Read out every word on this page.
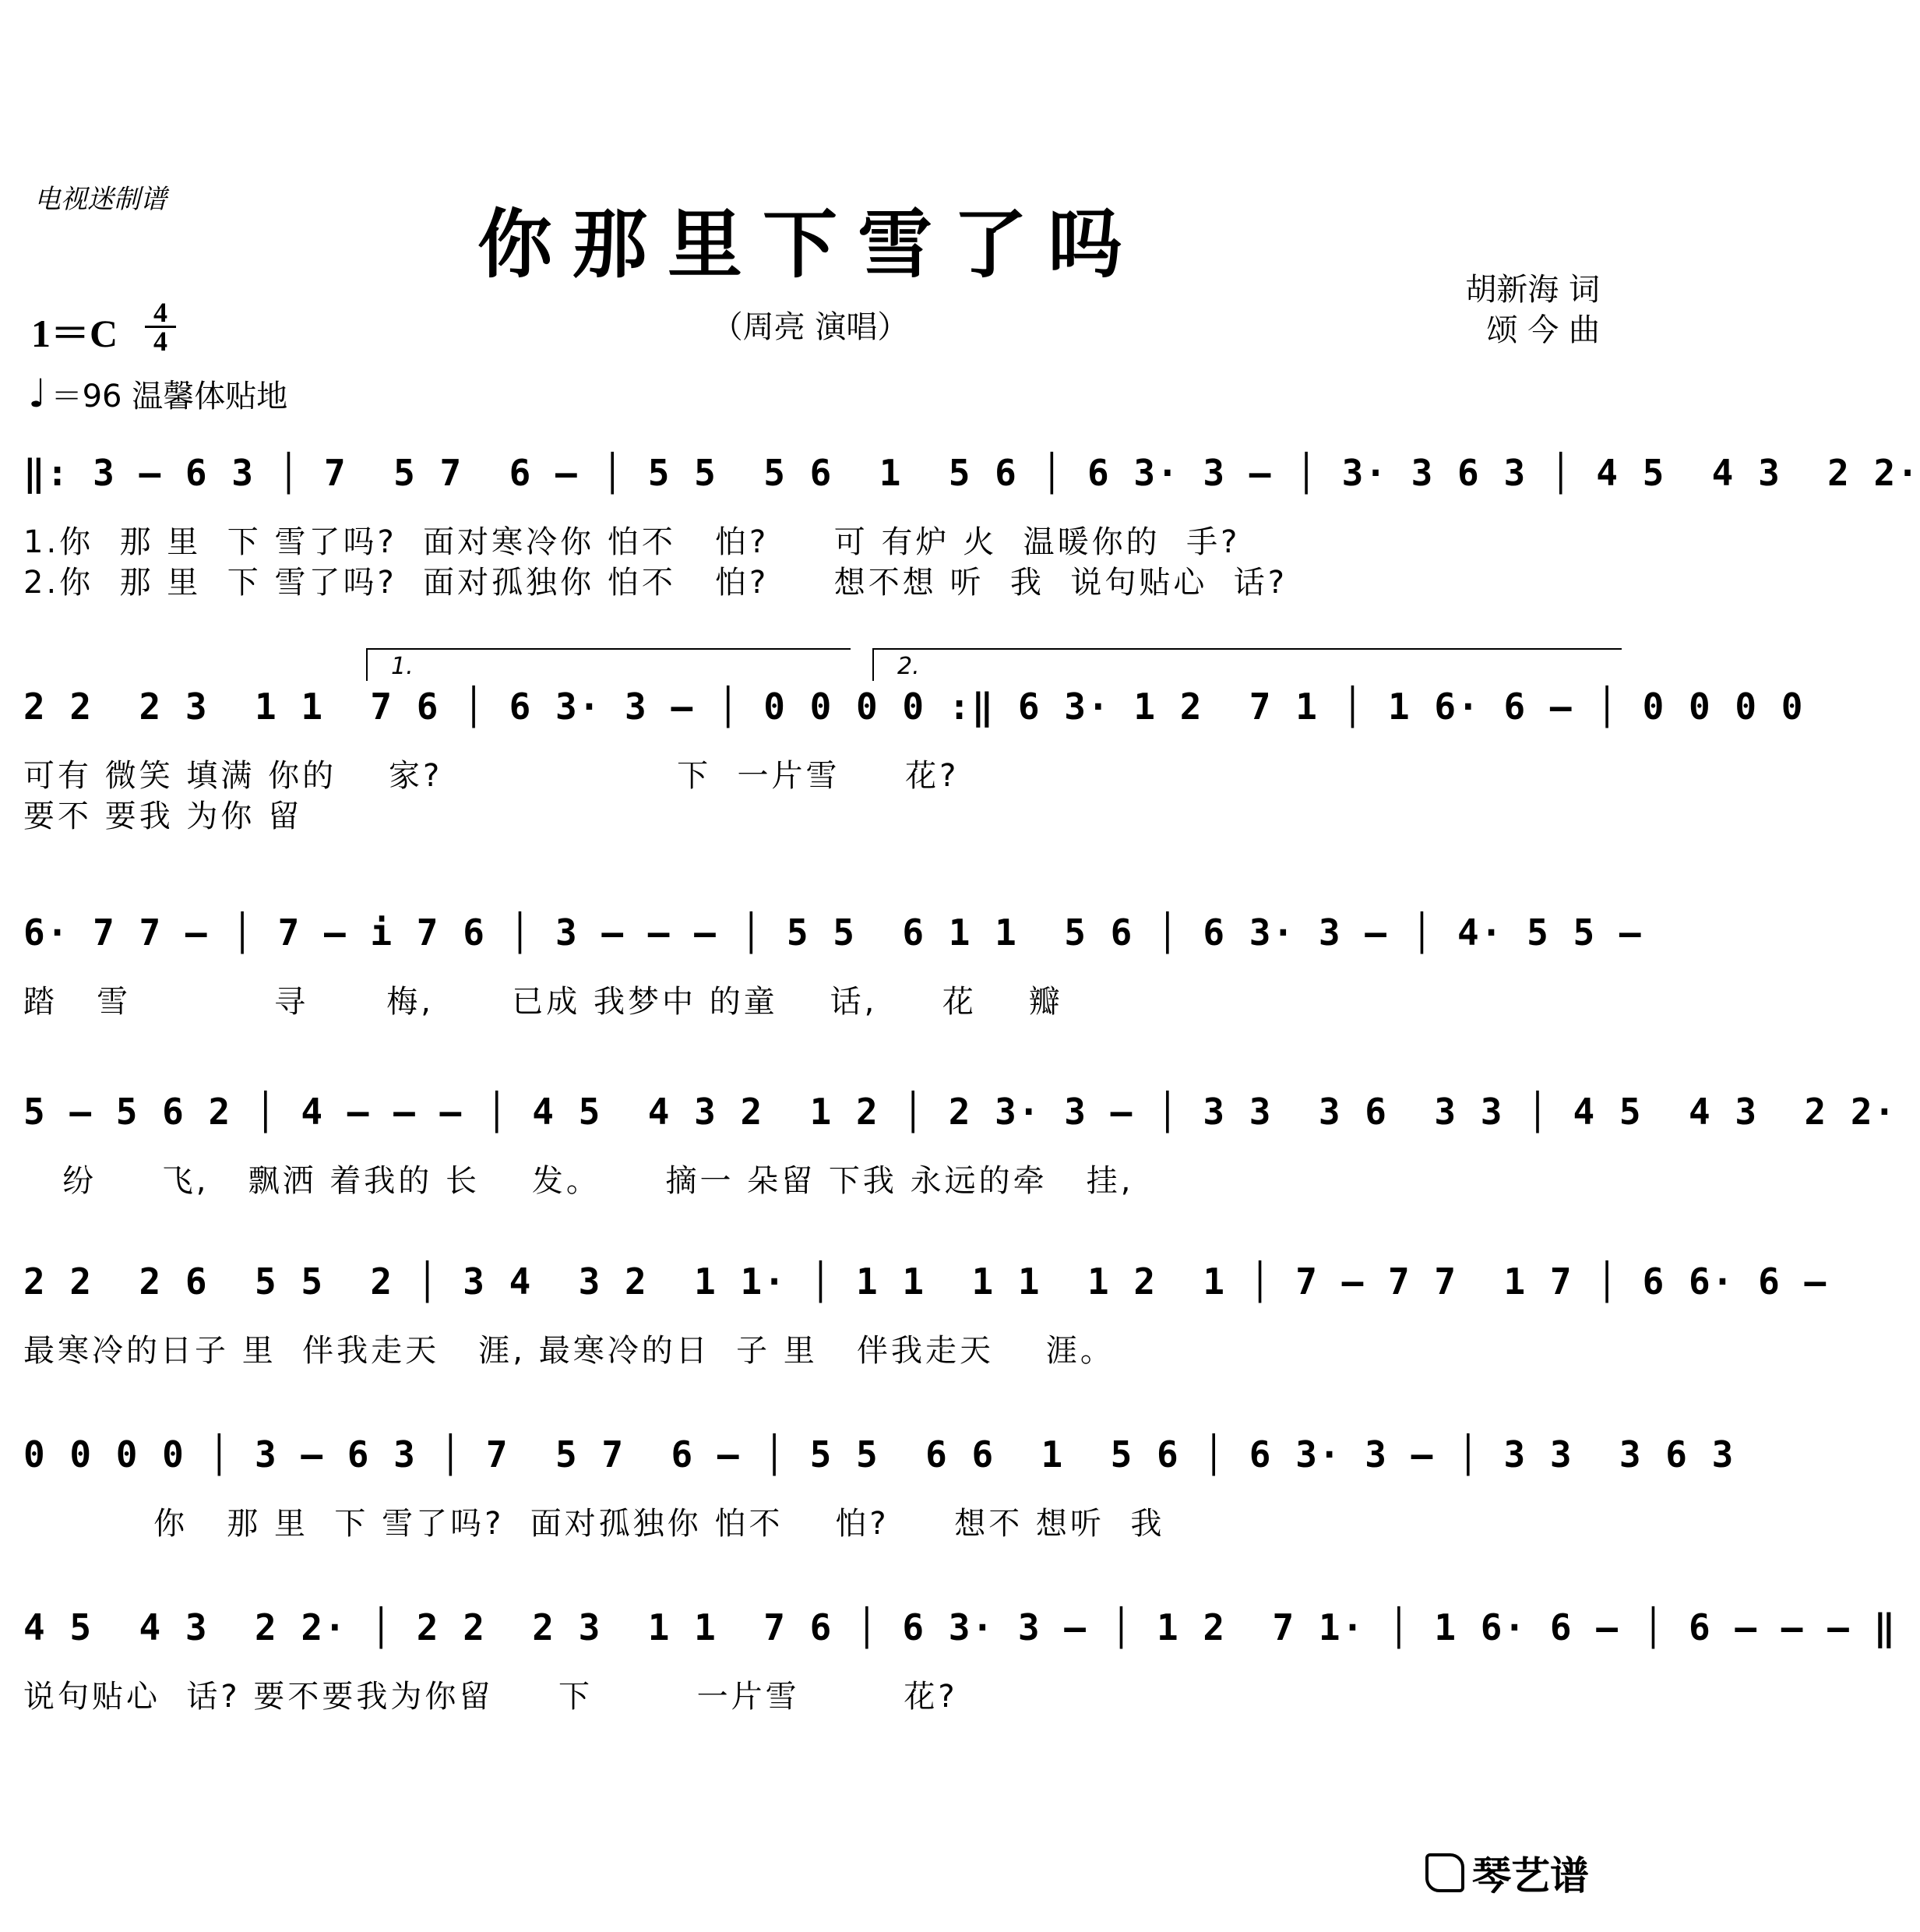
电视迷制谱
你那里下雪了吗
（周亮 演唱）
胡新海 词
颂 今 曲
1＝C	4
4
♩ ＝96 温馨体贴地
‖: 3 – 6 3 │ 7  5 7  6 – │ 5 5  5 6  1  5 6 │ 6 3· 3 – │ 3· 3 6 3 │ 4 5  4 3  2 2·
1.你  那 里  下 雪了吗?  面对寒冷你 怕不   怕?     可 有炉 火  温暖你的  手?
2.你  那 里  下 雪了吗?  面对孤独你 怕不   怕?     想不想 听  我  说句贴心  话?
1.	2.
2 2  2 3  1 1  7 6 │ 6 3· 3 – │ 0 0 0 0 :‖ 6 3· 1 2  7 1 │ 1 6· 6 – │ 0 0 0 0
可有 微笑 填满 你的    家?                  下  一片雪     花?
要不 要我 为你 留
6· 7 7 – │ 7 – i 7 6 │ 3 – – – │ 5 5  6 1 1  5 6 │ 6 3· 3 – │ 4· 5 5 –
踏   雪           寻      梅,      已成 我梦中 的童    话,     花    瓣
5 – 5 6 2 │ 4 – – – │ 4 5  4 3 2  1 2 │ 2 3· 3 – │ 3 3  3 6  3 3 │ 4 5  4 3  2 2·
纷     飞,   飘洒 着我的 长    发。     摘一 朵留 下我 永远的牵   挂,
2 2  2 6  5 5  2 │ 3 4  3 2  1 1· │ 1 1  1 1  1 2  1 │ 7 – 7 7  1 7 │ 6 6· 6 –
最寒冷的日子 里  伴我走天   涯, 最寒冷的日  子 里   伴我走天    涯。
0 0 0 0 │ 3 – 6 3 │ 7  5 7  6 – │ 5 5  6 6  1  5 6 │ 6 3· 3 – │ 3 3  3 6 3
你   那 里  下 雪了吗?  面对孤独你 怕不    怕?     想不 想听  我
4 5  4 3  2 2· │ 2 2  2 3  1 1  7 6 │ 6 3· 3 – │ 1 2  7 1· │ 1 6· 6 – │ 6 – – – ‖
说句贴心  话? 要不要我为你留     下        一片雪        花?
琴艺谱
